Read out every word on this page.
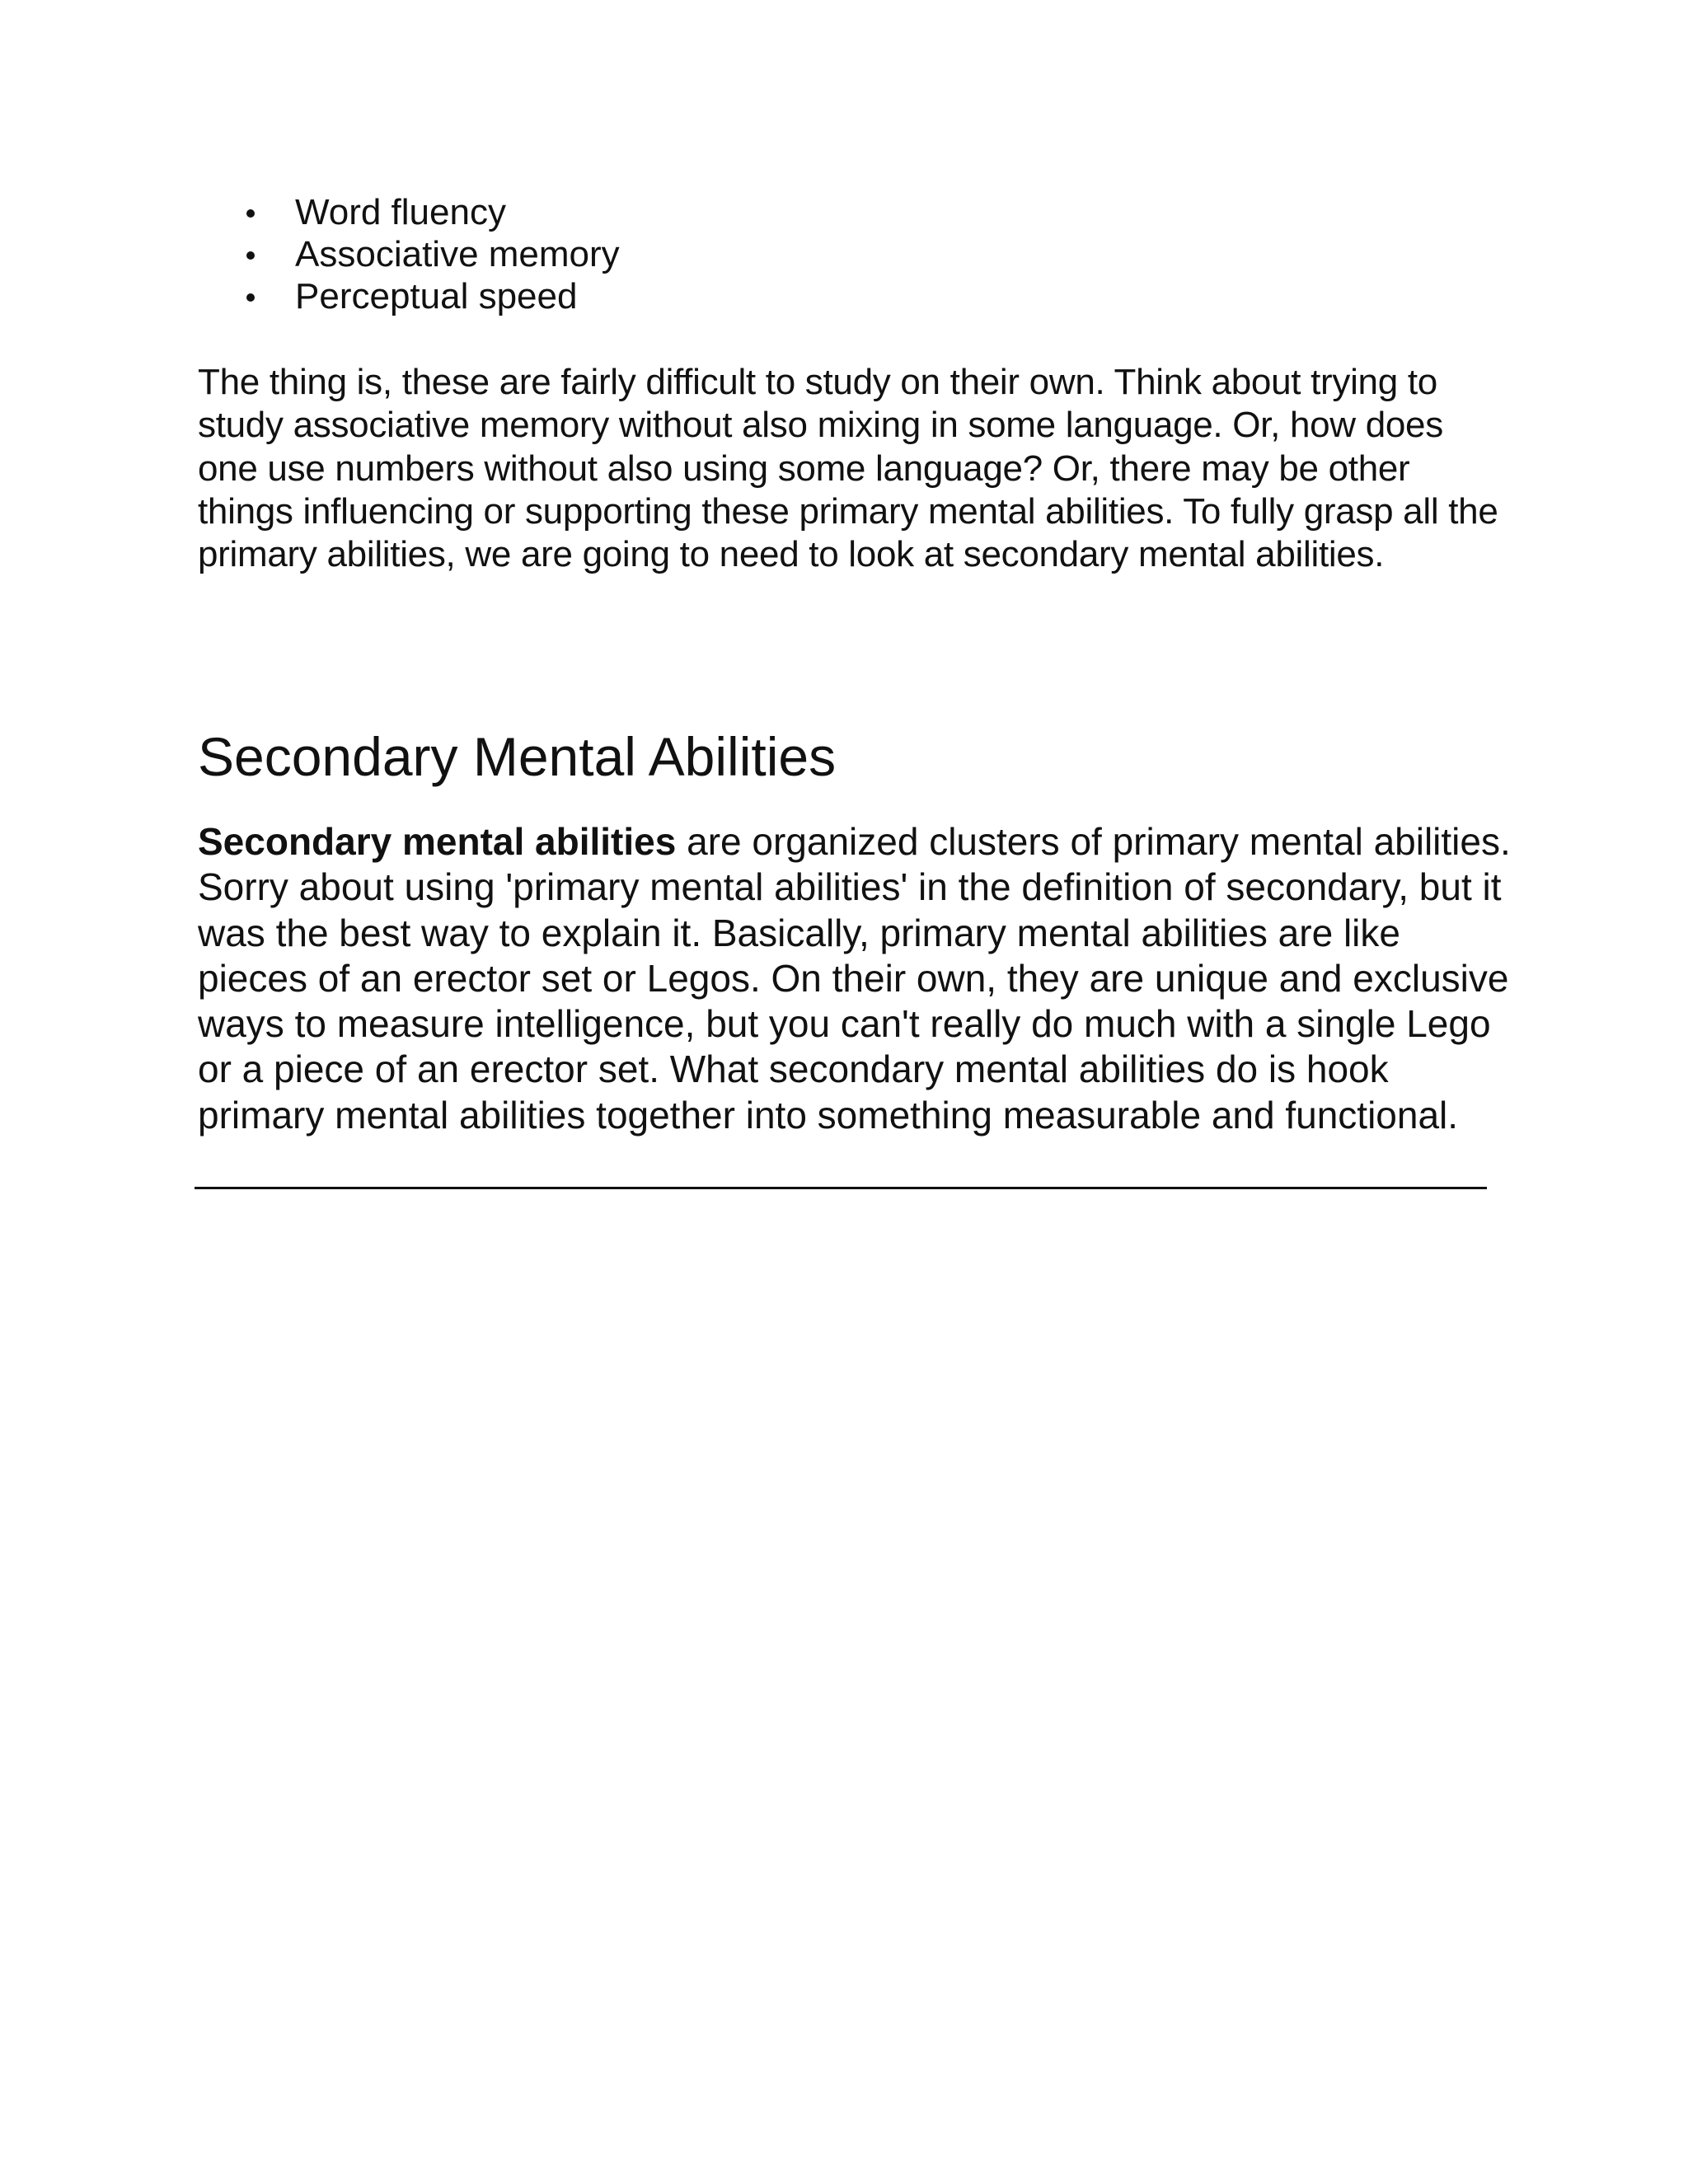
Word fluency
Associative memory
Perceptual speed

The thing is, these are fairly difficult to study on their own. Think about trying to study associative memory without also mixing in some language. Or, how does one use numbers without also using some language? Or, there may be other things influencing or supporting these primary mental abilities. To fully grasp all the primary abilities, we are going to need to look at secondary mental abilities.

Secondary Mental Abilities

Secondary mental abilities are organized clusters of primary mental abilities. Sorry about using 'primary mental abilities' in the definition of secondary, but it was the best way to explain it. Basically, primary mental abilities are like pieces of an erector set or Legos. On their own, they are unique and exclusive ways to measure intelligence, but you can't really do much with a single Lego or a piece of an erector set. What secondary mental abilities do is hook primary mental abilities together into something measurable and functional.
